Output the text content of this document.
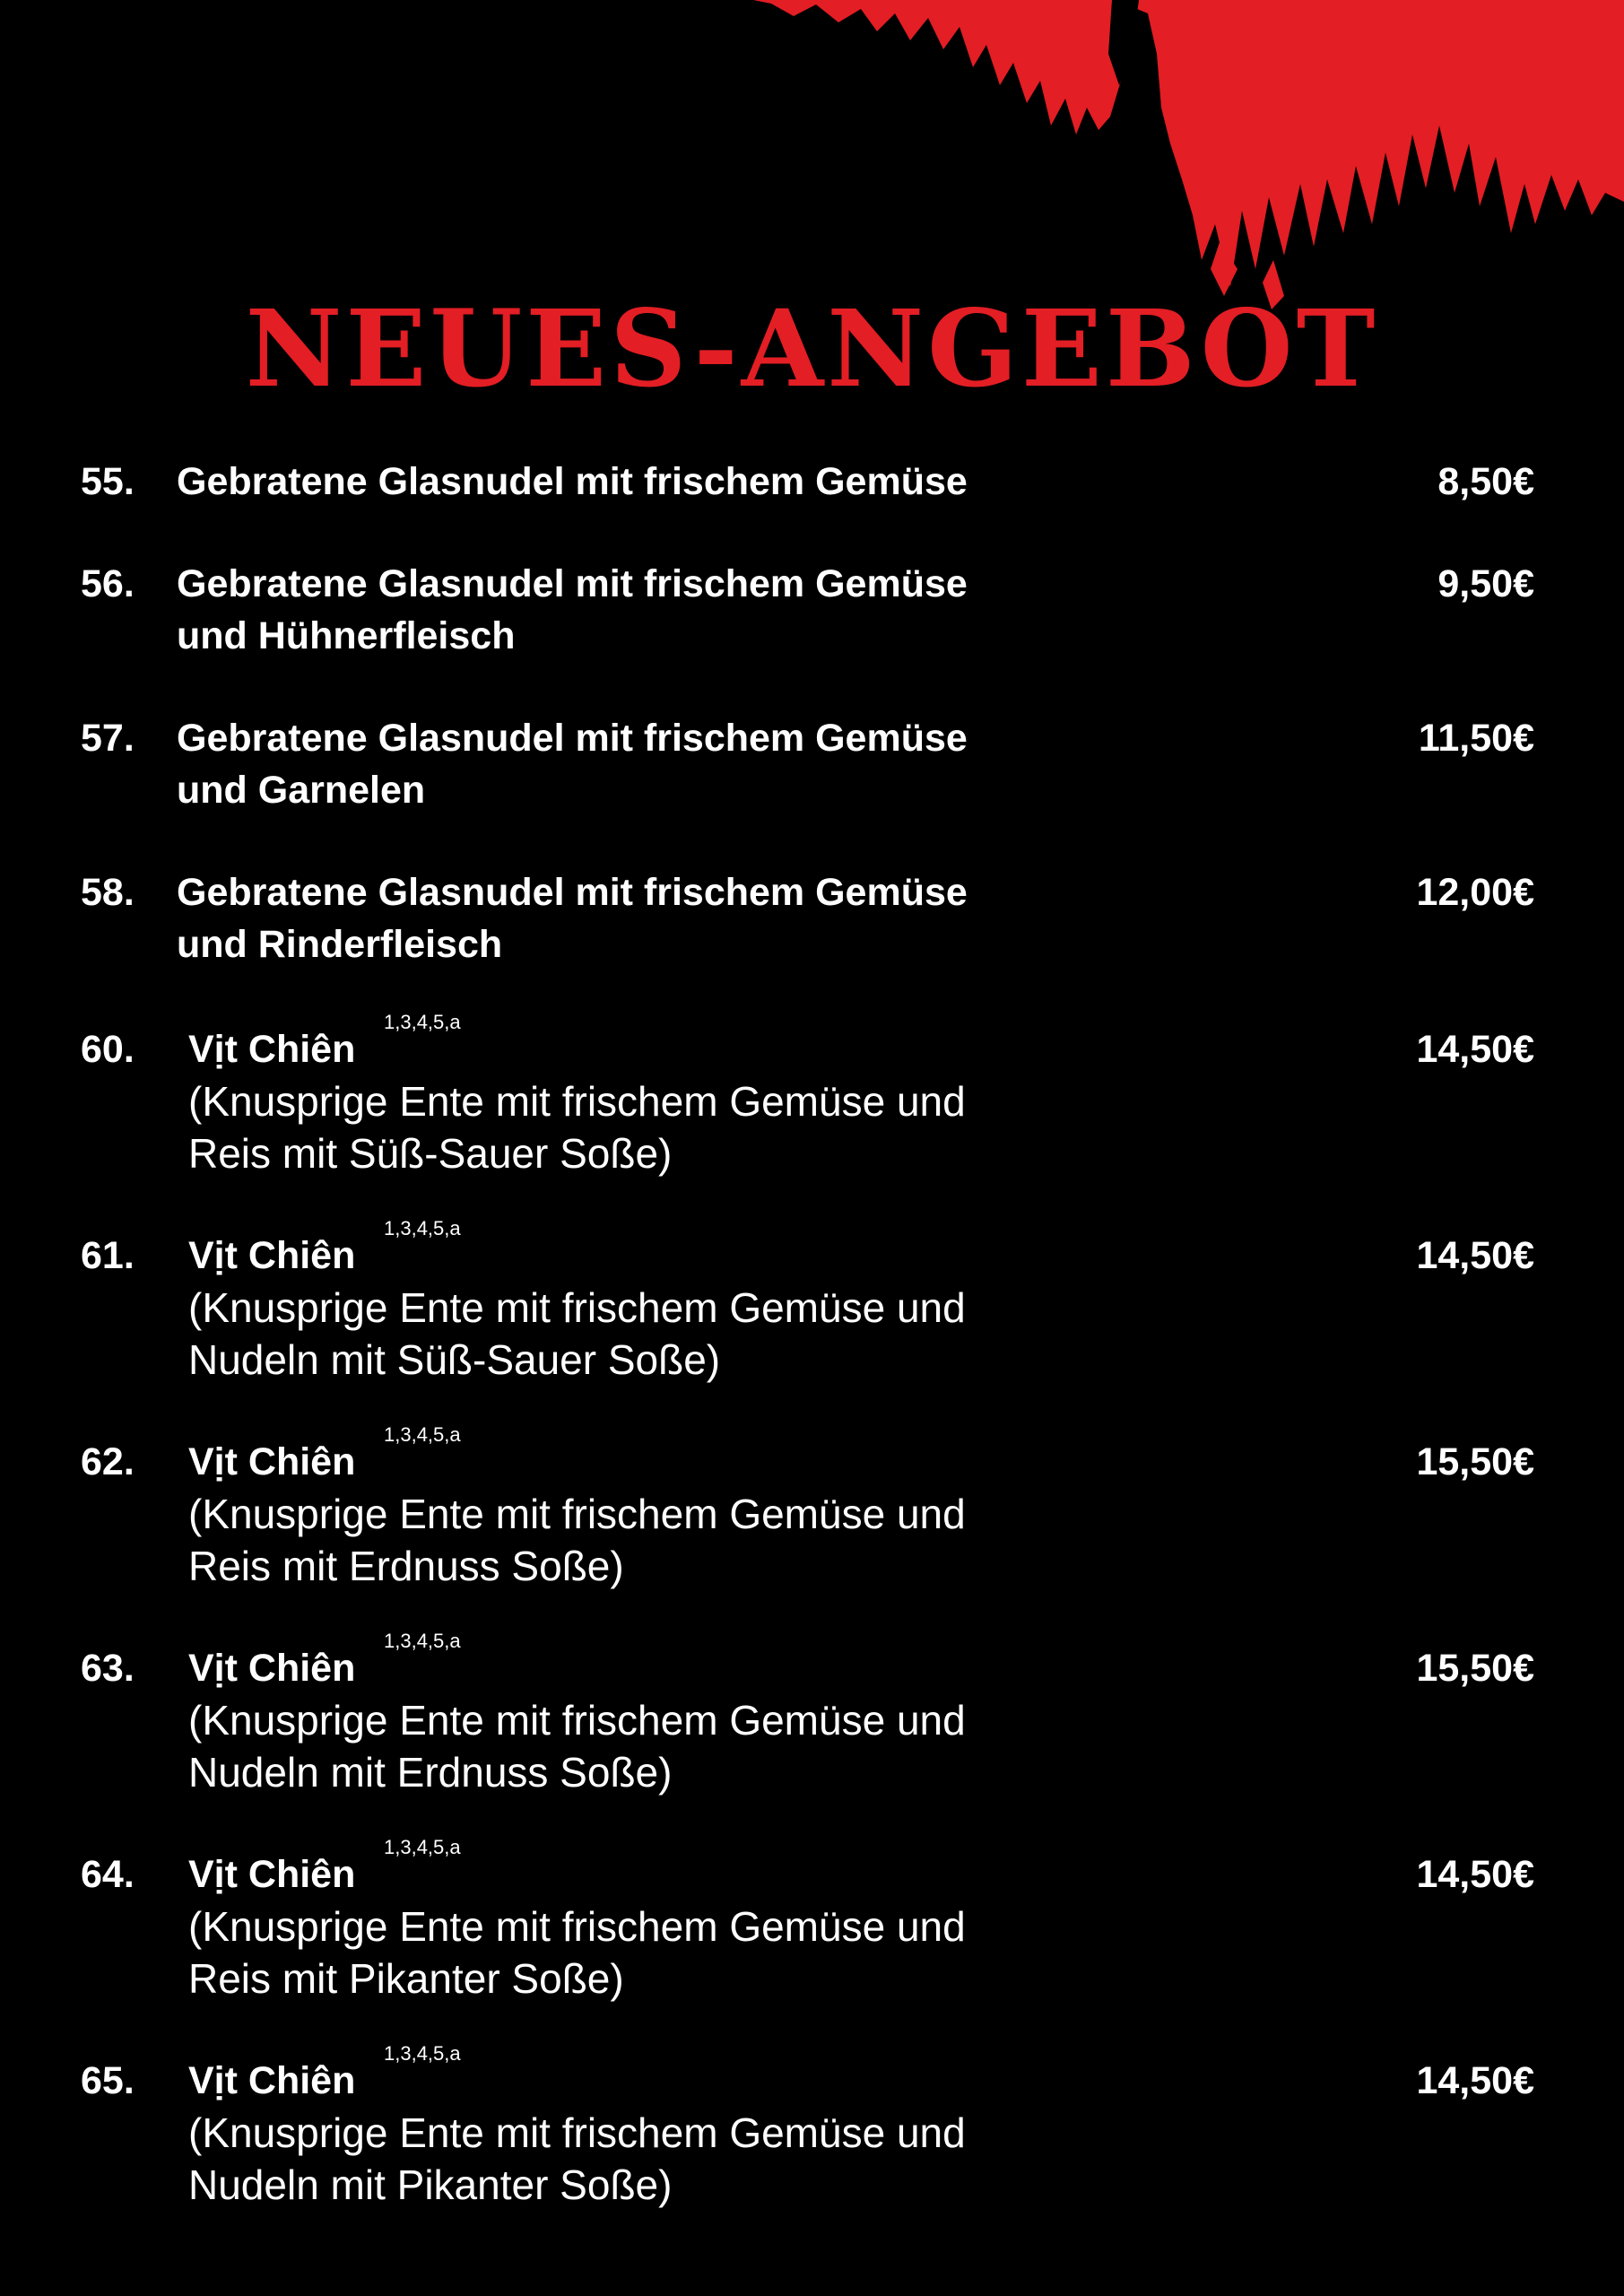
NEUES-ANGEBOT
55. Gebratene Glasnudel mit frischem Gemüse	8,50€
56. Gebratene Glasnudel mit frischem Gemüse
und Hühnerfleisch
9,50€
57. Gebratene Glasnudel mit frischem Gemüse
und Garnelen
11,50€
58. Gebratene Glasnudel mit frischem Gemüse
und Rinderfleisch
12,00€
60. Vịt Chiên
1,3,4,5,a
14,50€
(Knusprige Ente mit frischem Gemüse und
Reis mit Süß-Sauer Soße)
61. Vịt Chiên
1,3,4,5,a
14,50€
(Knusprige Ente mit frischem Gemüse und
Nudeln mit Süß-Sauer Soße)
62. Vịt Chiên
1,3,4,5,a
15,50€
(Knusprige Ente mit frischem Gemüse und
Reis mit Erdnuss Soße)
63. Vịt Chiên
1,3,4,5,a
15,50€
(Knusprige Ente mit frischem Gemüse und
Nudeln mit Erdnuss Soße)
64. Vịt Chiên
1,3,4,5,a
14,50€
(Knusprige Ente mit frischem Gemüse und
Reis mit Pikanter Soße)
65. Vịt Chiên
1,3,4,5,a
14,50€
(Knusprige Ente mit frischem Gemüse und
Nudeln mit Pikanter Soße)
